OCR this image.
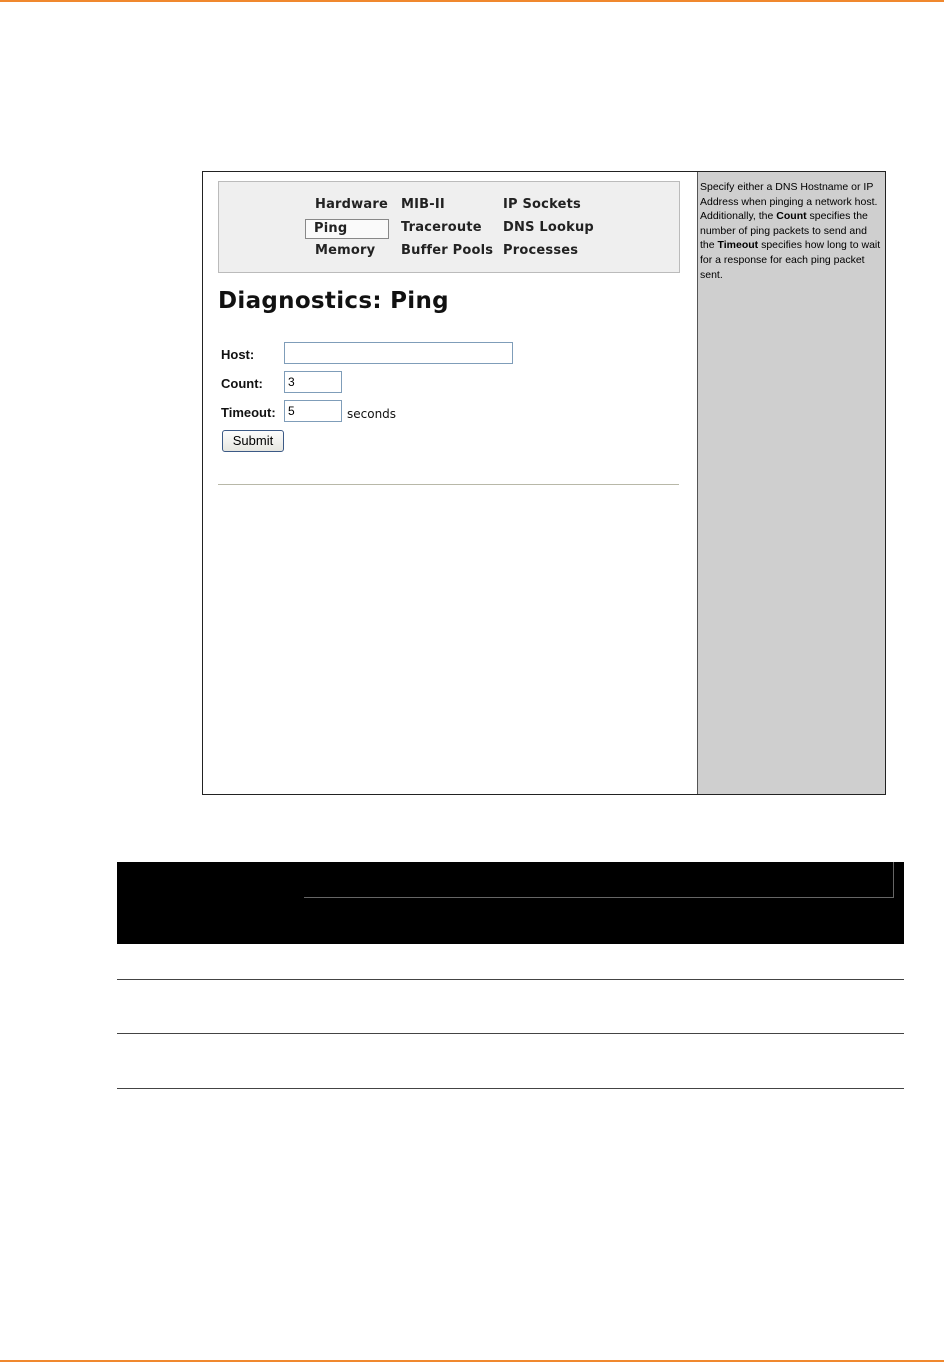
Hardware	MIB-II	IP Sockets
Ping	Traceroute	DNS Lookup
Memory	Buffer Pools Processes
Diagnostics: Ping
Host:
Count:
3
Timeout:
5	seconds
Submit
Specify either a DNS Hostname or IP Address when pinging a network host. Additionally, the Count specifies the number of ping packets to send and the Timeout specifies how long to wait for a response for each ping packet sent.
